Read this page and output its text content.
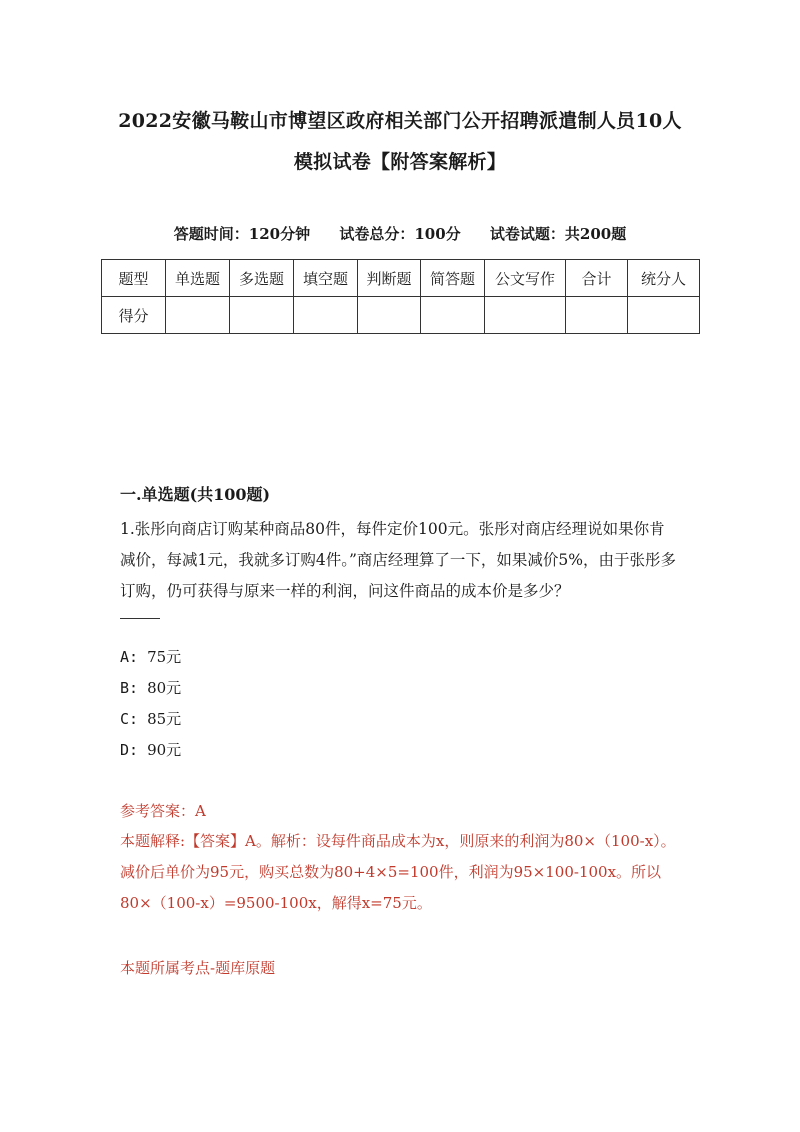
2022安徽马鞍山市博望区政府相关部门公开招聘派遣制人员10人
模拟试卷【附答案解析】
答题时间：120分钟 试卷总分：100分 试卷试题：共200题
题型	单选题	多选题	填空题	判断题	简答题	公文写作	合计	统分人
得分								
一.单选题(共100题)
1.张彤向商店订购某种商品80件，每件定价100元。张彤对商店经理说如果你肯减价，每减1元，我就多订购4件。”商店经理算了一下，如果减价5%，由于张彤多订购，仍可获得与原来一样的利润，问这件商品的成本价是多少？
A: 75元
B: 80元
C: 85元
D: 90元
参考答案：A
本题解释:【答案】A。解析：设每件商品成本为x，则原来的利润为80×（100-x）。减价后单价为95元，购买总数为80+4×5=100件，利润为95×100-100x。所以80×（100-x）=9500-100x，解得x=75元。
本题所属考点-题库原题
